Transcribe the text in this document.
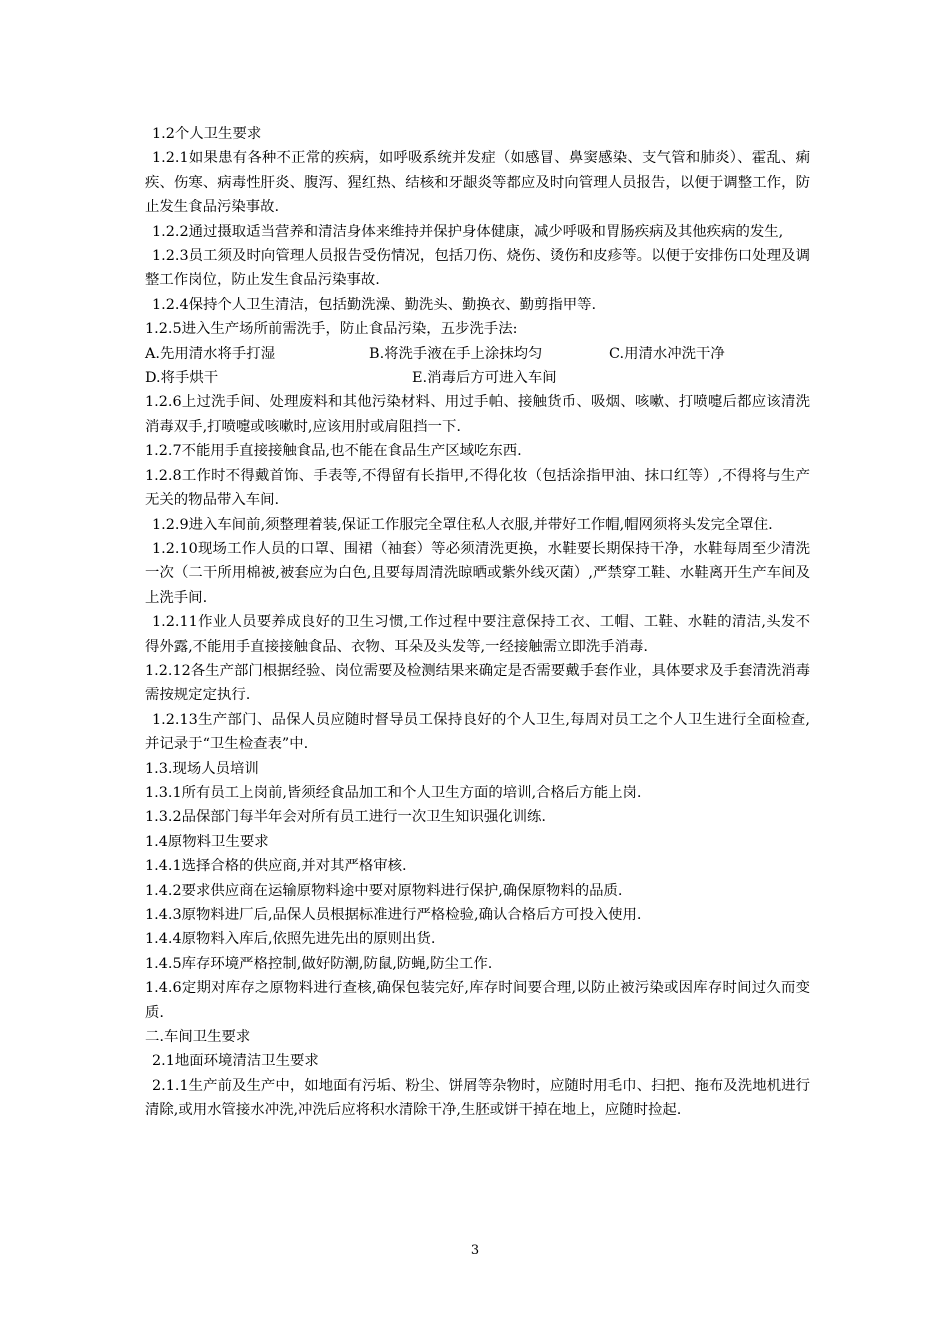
1.2个人卫生要求

1.2.1如果患有各种不正常的疾病，如呼吸系统并发症（如感冒、鼻窦感染、支气管和肺炎）、霍乱、痢疾、伤寒、病毒性肝炎、腹泻、猩红热、结核和牙龈炎等都应及时向管理人员报告，以便于调整工作，防止发生食品污染事故.

1.2.2通过摄取适当营养和清洁身体来维持并保护身体健康，减少呼吸和胃肠疾病及其他疾病的发生,

1.2.3员工须及时向管理人员报告受伤情况，包括刀伤、烧伤、烫伤和皮疹等。以便于安排伤口处理及调整工作岗位，防止发生食品污染事故.

1.2.4保持个人卫生清洁，包括勤洗澡、勤洗头、勤换衣、勤剪指甲等.

1.2.5进入生产场所前需洗手，防止食品污染，五步洗手法:

A.先用清水将手打湿	B.将洗手液在手上涂抹均匀	C.用清水冲洗干净
D.将手烘干	E.消毒后方可进入车间

1.2.6上过洗手间、处理废料和其他污染材料、用过手帕、接触货币、吸烟、咳嗽、打喷嚏后都应该清洗消毒双手,打喷嚏或咳嗽时,应该用肘或肩阻挡一下.

1.2.7不能用手直接接触食品,也不能在食品生产区域吃东西.

1.2.8工作时不得戴首饰、手表等,不得留有长指甲,不得化妆（包括涂指甲油、抹口红等）,不得将与生产无关的物品带入车间.

1.2.9进入车间前,须整理着装,保证工作服完全罩住私人衣服,并带好工作帽,帽网须将头发完全罩住.

1.2.10现场工作人员的口罩、围裙（袖套）等必须清洗更换，水鞋要长期保持干净，水鞋每周至少清洗一次（二干所用棉被,被套应为白色,且要每周清洗晾晒或紫外线灭菌）,严禁穿工鞋、水鞋离开生产车间及上洗手间.

1.2.11作业人员要养成良好的卫生习惯,工作过程中要注意保持工衣、工帽、工鞋、水鞋的清洁,头发不得外露,不能用手直接接触食品、衣物、耳朵及头发等,一经接触需立即洗手消毒.

1.2.12各生产部门根据经验、岗位需要及检测结果来确定是否需要戴手套作业，具体要求及手套清洗消毒需按规定定执行.

1.2.13生产部门、品保人员应随时督导员工保持良好的个人卫生,每周对员工之个人卫生进行全面检查,并记录于“卫生检查表”中.

1.3.现场人员培训

1.3.1所有员工上岗前,皆须经食品加工和个人卫生方面的培训,合格后方能上岗.

1.3.2品保部门每半年会对所有员工进行一次卫生知识强化训练.

1.4原物料卫生要求

1.4.1选择合格的供应商,并对其严格审核.

1.4.2要求供应商在运输原物料途中要对原物料进行保护,确保原物料的品质.

1.4.3原物料进厂后,品保人员根据标准进行严格检验,确认合格后方可投入使用.

1.4.4原物料入库后,依照先进先出的原则出货.

1.4.5库存环境严格控制,做好防潮,防鼠,防蝇,防尘工作.

1.4.6定期对库存之原物料进行查核,确保包装完好,库存时间要合理,以防止被污染或因库存时间过久而变质.

二.车间卫生要求

2.1地面环境清洁卫生要求

2.1.1生产前及生产中，如地面有污垢、粉尘、饼屑等杂物时，应随时用毛巾、扫把、拖布及洗地机进行清除,或用水管接水冲洗,冲洗后应将积水清除干净,生胚或饼干掉在地上，应随时捡起.

3
